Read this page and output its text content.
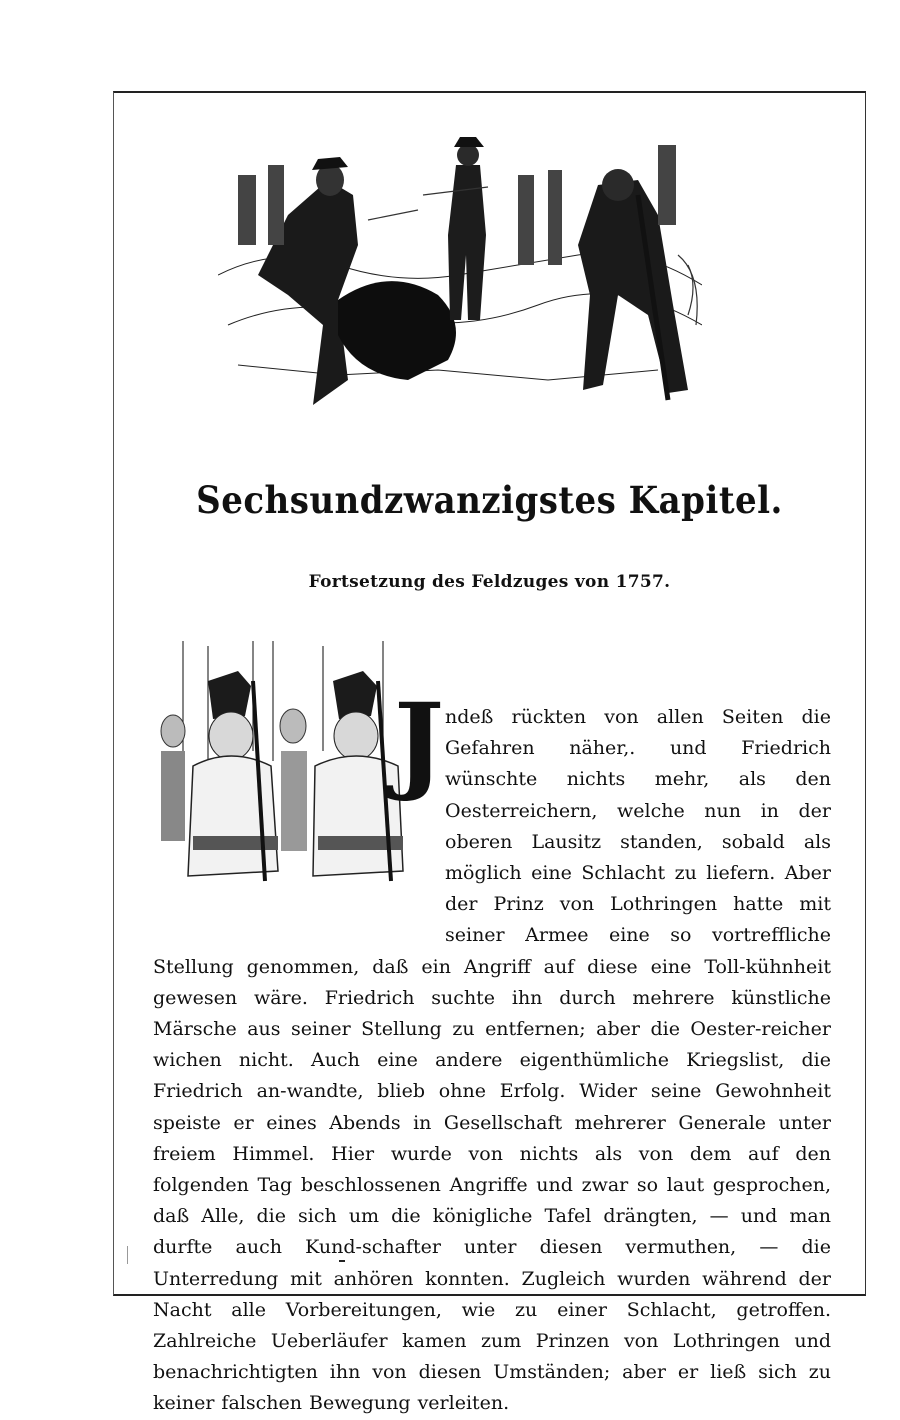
Sechsundzwanzigstes Kapitel.
Fortsetzung des Feldzuges von 1757.
J ndeß rückten von allen Seiten die Gefahren näher,. und Friedrich wünschte nichts mehr, als den Oesterreichern, welche nun in der oberen Lausitz standen, sobald als möglich eine Schlacht zu liefern. Aber der Prinz von Lothringen hatte mit seiner Armee eine so vortreffliche Stellung genommen, daß ein Angriff auf diese eine Toll-kühnheit gewesen wäre. Friedrich suchte ihn durch mehrere künstliche Märsche aus seiner Stellung zu entfernen; aber die Oester-reicher wichen nicht. Auch eine andere eigenthümliche Kriegslist, die Friedrich an-wandte, blieb ohne Erfolg. Wider seine Gewohnheit speiste er eines Abends in Gesellschaft mehrerer Generale unter freiem Himmel. Hier wurde von nichts als von dem auf den folgenden Tag beschlossenen Angriffe und zwar so laut gesprochen, daß Alle, die sich um die königliche Tafel drängten, — und man durfte auch Kund-schafter unter diesen vermuthen, — die Unterredung mit anhören konnten. Zugleich wurden während der Nacht alle Vorbereitungen, wie zu einer Schlacht, getroffen. Zahlreiche Ueberläufer kamen zum Prinzen von Lothringen und benachrichtigten ihn von diesen Umständen; aber er ließ sich zu keiner falschen Bewegung verleiten.
